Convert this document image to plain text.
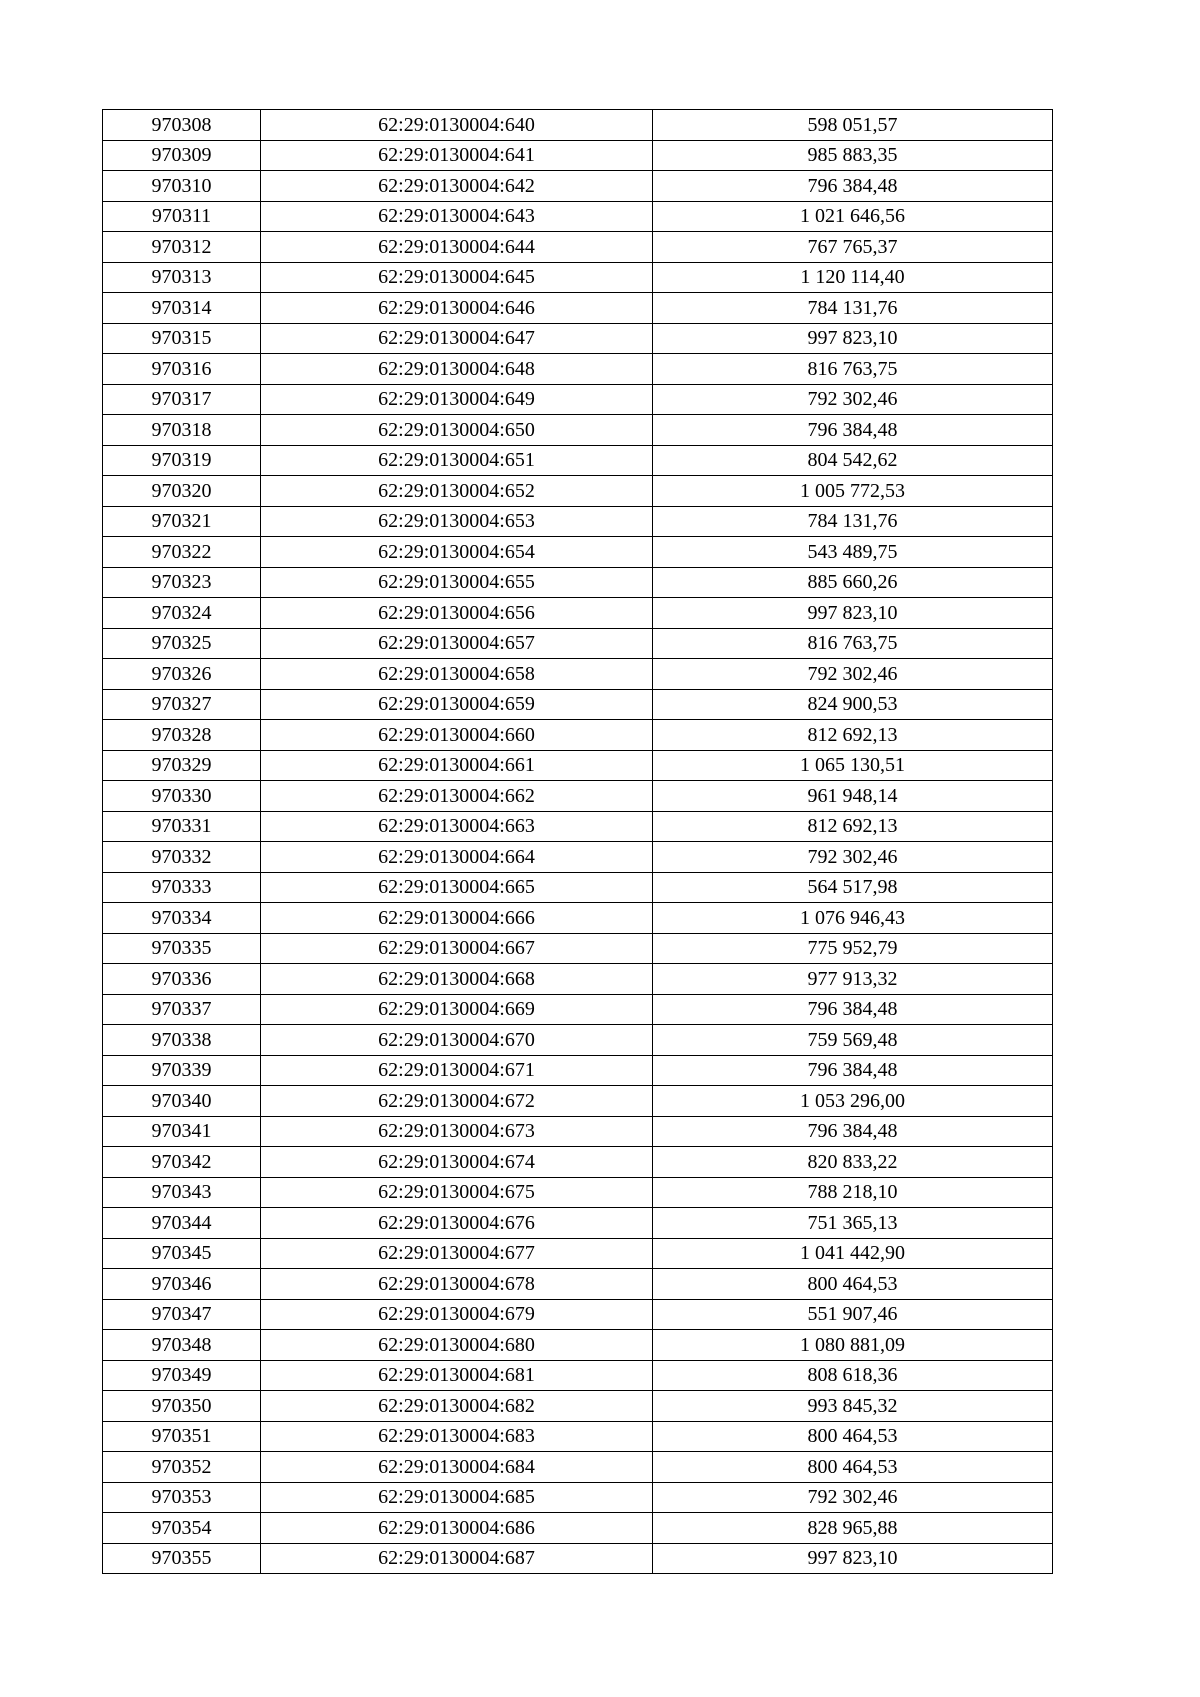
970308	62:29:0130004:640	598 051,57
970309	62:29:0130004:641	985 883,35
970310	62:29:0130004:642	796 384,48
970311	62:29:0130004:643	1 021 646,56
970312	62:29:0130004:644	767 765,37
970313	62:29:0130004:645	1 120 114,40
970314	62:29:0130004:646	784 131,76
970315	62:29:0130004:647	997 823,10
970316	62:29:0130004:648	816 763,75
970317	62:29:0130004:649	792 302,46
970318	62:29:0130004:650	796 384,48
970319	62:29:0130004:651	804 542,62
970320	62:29:0130004:652	1 005 772,53
970321	62:29:0130004:653	784 131,76
970322	62:29:0130004:654	543 489,75
970323	62:29:0130004:655	885 660,26
970324	62:29:0130004:656	997 823,10
970325	62:29:0130004:657	816 763,75
970326	62:29:0130004:658	792 302,46
970327	62:29:0130004:659	824 900,53
970328	62:29:0130004:660	812 692,13
970329	62:29:0130004:661	1 065 130,51
970330	62:29:0130004:662	961 948,14
970331	62:29:0130004:663	812 692,13
970332	62:29:0130004:664	792 302,46
970333	62:29:0130004:665	564 517,98
970334	62:29:0130004:666	1 076 946,43
970335	62:29:0130004:667	775 952,79
970336	62:29:0130004:668	977 913,32
970337	62:29:0130004:669	796 384,48
970338	62:29:0130004:670	759 569,48
970339	62:29:0130004:671	796 384,48
970340	62:29:0130004:672	1 053 296,00
970341	62:29:0130004:673	796 384,48
970342	62:29:0130004:674	820 833,22
970343	62:29:0130004:675	788 218,10
970344	62:29:0130004:676	751 365,13
970345	62:29:0130004:677	1 041 442,90
970346	62:29:0130004:678	800 464,53
970347	62:29:0130004:679	551 907,46
970348	62:29:0130004:680	1 080 881,09
970349	62:29:0130004:681	808 618,36
970350	62:29:0130004:682	993 845,32
970351	62:29:0130004:683	800 464,53
970352	62:29:0130004:684	800 464,53
970353	62:29:0130004:685	792 302,46
970354	62:29:0130004:686	828 965,88
970355	62:29:0130004:687	997 823,10
